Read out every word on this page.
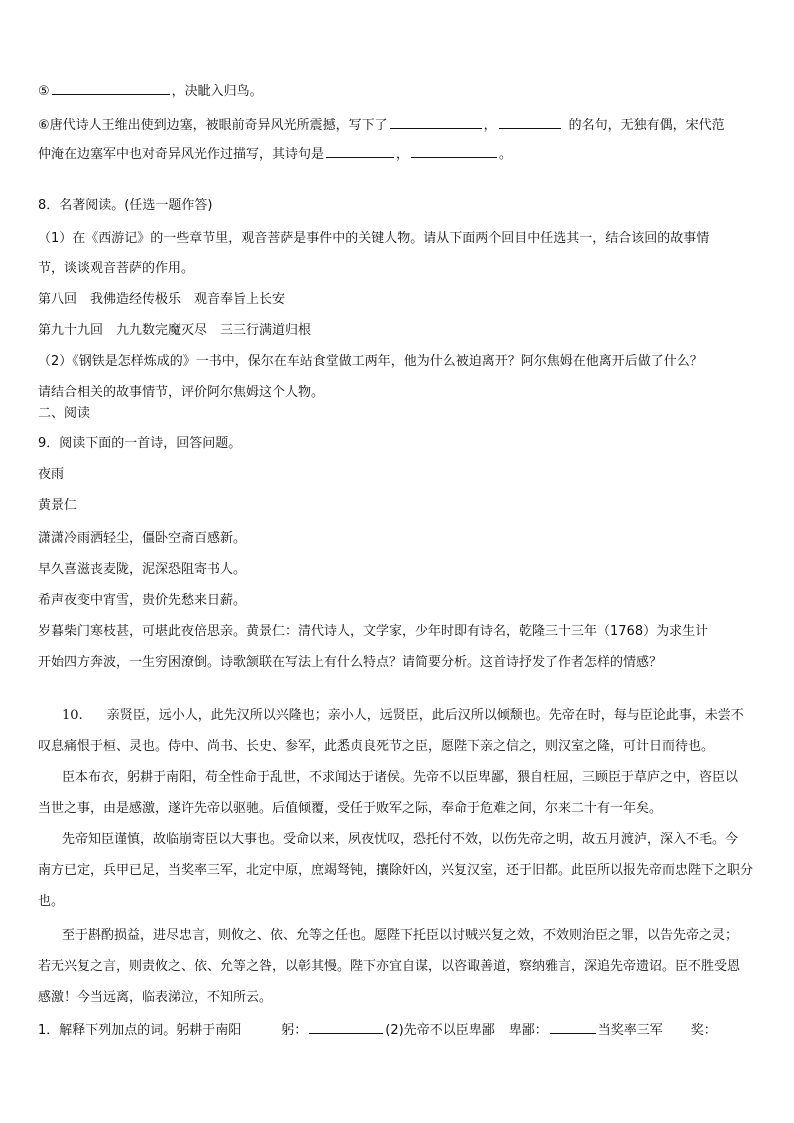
⑤	，决眦入归鸟。
⑥唐代诗人王维出使到边塞，被眼前奇异风光所震撼，写下了	，	的名句，无独有偶，宋代范
仲淹在边塞军中也对奇异风光作过描写，其诗句是	，	。
8．名著阅读。(任选一题作答)
（1）在《西游记》的一些章节里，观音菩萨是事件中的关键人物。请从下面两个回目中任选其一，结合该回的故事情
节，谈谈观音菩萨的作用。
第八回　我佛造经传极乐　观音奉旨上长安
第九十九回　九九数完魔灭尽　三三行满道归根
（2）《钢铁是怎样炼成的》一书中，保尔在车站食堂做工两年，他为什么被迫离开？阿尔焦姆在他离开后做了什么？
请结合相关的故事情节，评价阿尔焦姆这个人物。
二、阅读
9．阅读下面的一首诗，回答问题。
夜雨
黄景仁
潇潇冷雨洒轻尘，僵卧空斋百感新。
早久喜滋丧麦陇，泥深恐阻寄书人。
希声夜变中宵雪，贵价先愁来日薪。
岁暮柴门寒枝甚，可堪此夜倍思亲。黄景仁：清代诗人，文学家，少年时即有诗名，乾隆三十三年（1768）为求生计
开始四方奔波，一生穷困潦倒。诗歌颔联在写法上有什么特点？请简要分析。这首诗抒发了作者怎样的情感？
10. 亲贤臣，远小人，此先汉所以兴隆也；亲小人，远贤臣，此后汉所以倾颓也。先帝在时，每与臣论此事，未尝不
叹息痛恨于桓、灵也。侍中、尚书、长史、参军，此悉贞良死节之臣，愿陛下亲之信之，则汉室之隆，可计日而待也。
臣本布衣，躬耕于南阳，苟全性命于乱世，不求闻达于诸侯。先帝不以臣卑鄙，猥自枉屈，三顾臣于草庐之中，咨臣以
当世之事，由是感激，遂许先帝以驱驰。后值倾覆，受任于败军之际，奉命于危难之间，尔来二十有一年矣。
先帝知臣谨慎，故临崩寄臣以大事也。受命以来，夙夜忧叹，恐托付不效，以伤先帝之明，故五月渡泸，深入不毛。今
南方已定，兵甲已足，当奖率三军，北定中原，庶竭驽钝，攘除奸凶，兴复汉室，还于旧都。此臣所以报先帝而忠陛下之职分
也。
至于斟酌损益，进尽忠言，则攸之、依、允等之任也。愿陛下托臣以讨贼兴复之效，不效则治臣之罪，以告先帝之灵；
若无兴复之言，则责攸之、依、允等之咎，以彰其慢。陛下亦宜自谋，以咨诹善道，察纳雅言，深追先帝遗诏。臣不胜受恩
感激！今当远离，临表涕泣，不知所云。
1．解释下列加点的词。躬耕于南阳	躬：	(2)先帝不以臣卑鄙 卑鄙：	当奖率三军 奖：
